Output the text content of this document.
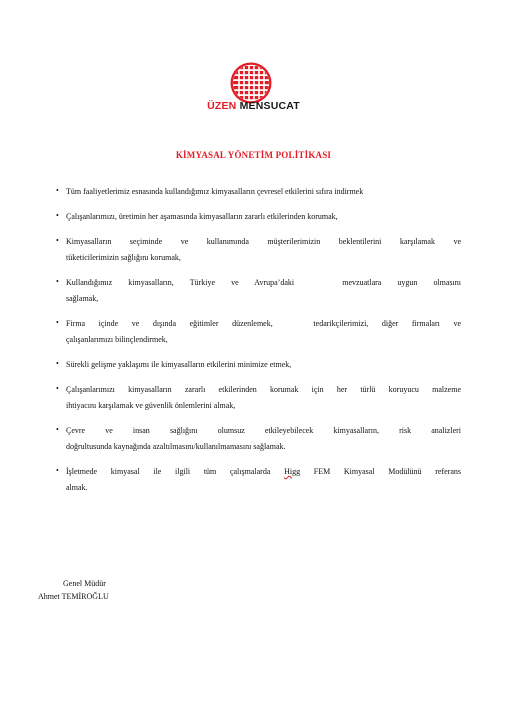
ÜZEN MENSUCAT
KİMYASAL YÖNETİM POLİTİKASI
• Tüm faaliyetlerimiz esnasında kullandığımız kimyasalların çevresel etkilerini sıfıra indirmek
• Çalışanlarımızı, üretimin her aşamasında kimyasalların zararlı etkilerinden korumak,
• Kimyasalların seçiminde ve kullanımında müşterilerimizin beklentilerini karşılamak ve
tüketicilerimizin sağlığını korumak,
• Kullandığımız kimyasalların, Türkiye ve Avrupa’daki   mevzuatlara uygun olmasını
sağlamak,
• Firma içinde ve dışında eğitimler düzenlemek,   tedarikçilerimizi, diğer firmaları ve
çalışanlarımızı bilinçlendirmek,
• Sürekli gelişme yaklaşımı ile kimyasalların etkilerini minimize etmek,
• Çalışanlarımızı kimyasalların zararlı etkilerinden korumak için her türlü koruyucu malzeme
ihtiyacını karşılamak ve güvenlik önlemlerini almak,
• Çevre ve insan sağlığını olumsuz etkileyebilecek kimyasalların, risk analizleri
doğrultusunda kaynağında azaltılmasını/kullanılmamasını sağlamak.
• İşletmede kimyasal ile ilgili tüm çalışmalarda Higg FEM Kimyasal Modülünü referans
almak.
Genel Müdür
Ahmet TEMİROĞLU
